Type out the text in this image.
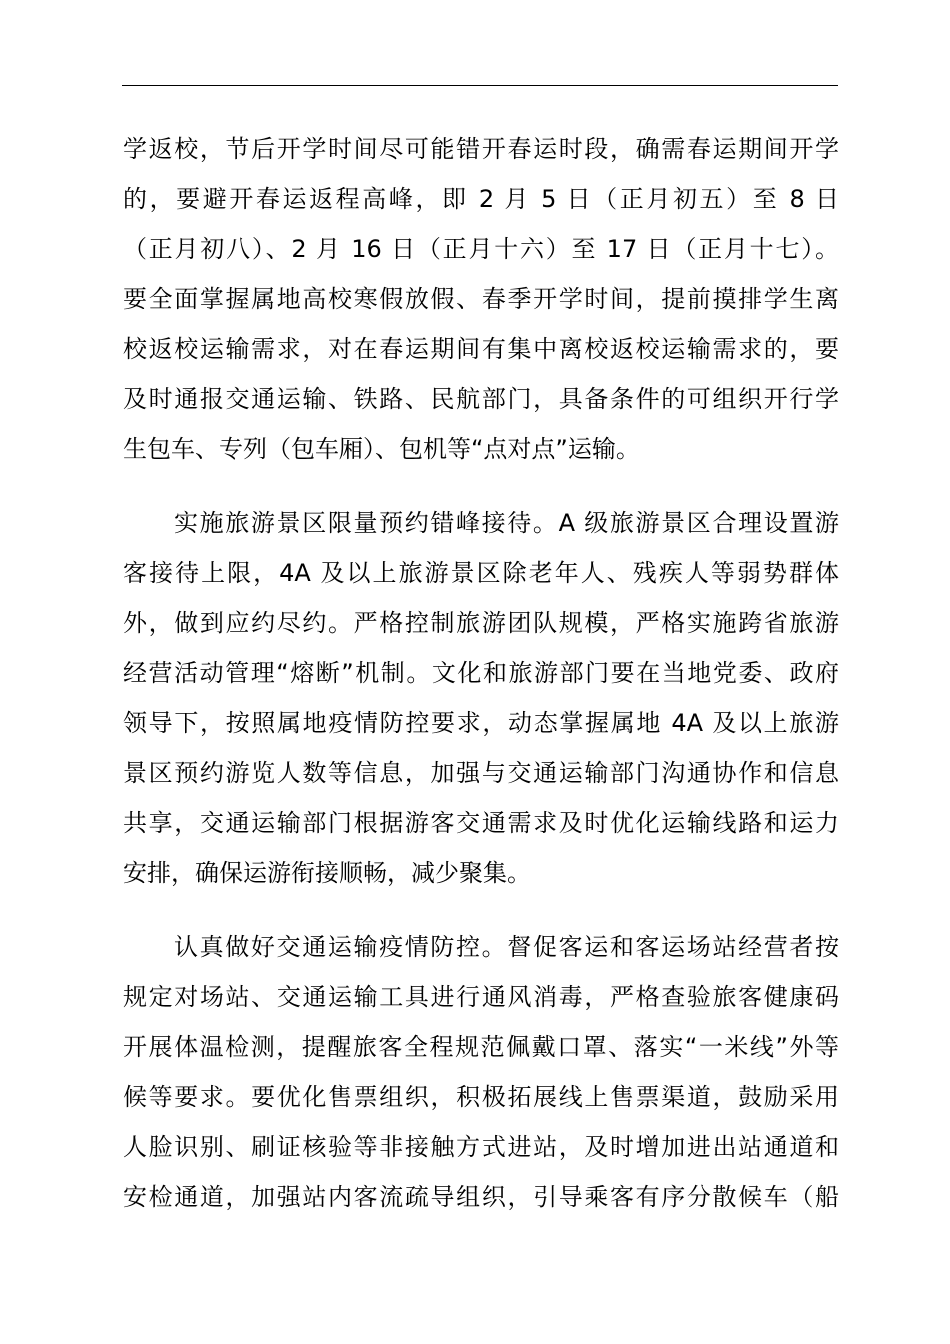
学返校，节后开学时间尽可能错开春运时段，确需春运期间开学
的，要避开春运返程高峰，即 2 月 5 日（正月初五）至 8 日
（正月初八）、2 月 16 日（正月十六）至 17 日（正月十七）。
要全面掌握属地高校寒假放假、春季开学时间，提前摸排学生离
校返校运输需求，对在春运期间有集中离校返校运输需求的，要
及时通报交通运输、铁路、民航部门，具备条件的可组织开行学
生包车、专列（包车厢）、包机等“点对点”运输。
实施旅游景区限量预约错峰接待。A 级旅游景区合理设置游
客接待上限，4A 及以上旅游景区除老年人、残疾人等弱势群体
外，做到应约尽约。严格控制旅游团队规模，严格实施跨省旅游
经营活动管理“熔断”机制。文化和旅游部门要在当地党委、政府
领导下，按照属地疫情防控要求，动态掌握属地 4A 及以上旅游
景区预约游览人数等信息，加强与交通运输部门沟通协作和信息
共享，交通运输部门根据游客交通需求及时优化运输线路和运力
安排，确保运游衔接顺畅，减少聚集。
认真做好交通运输疫情防控。督促客运和客运场站经营者按
规定对场站、交通运输工具进行通风消毒，严格查验旅客健康码
开展体温检测，提醒旅客全程规范佩戴口罩、落实“一米线”外等
候等要求。要优化售票组织，积极拓展线上售票渠道，鼓励采用
人脸识别、刷证核验等非接触方式进站，及时增加进出站通道和
安检通道，加强站内客流疏导组织，引导乘客有序分散候车（船
